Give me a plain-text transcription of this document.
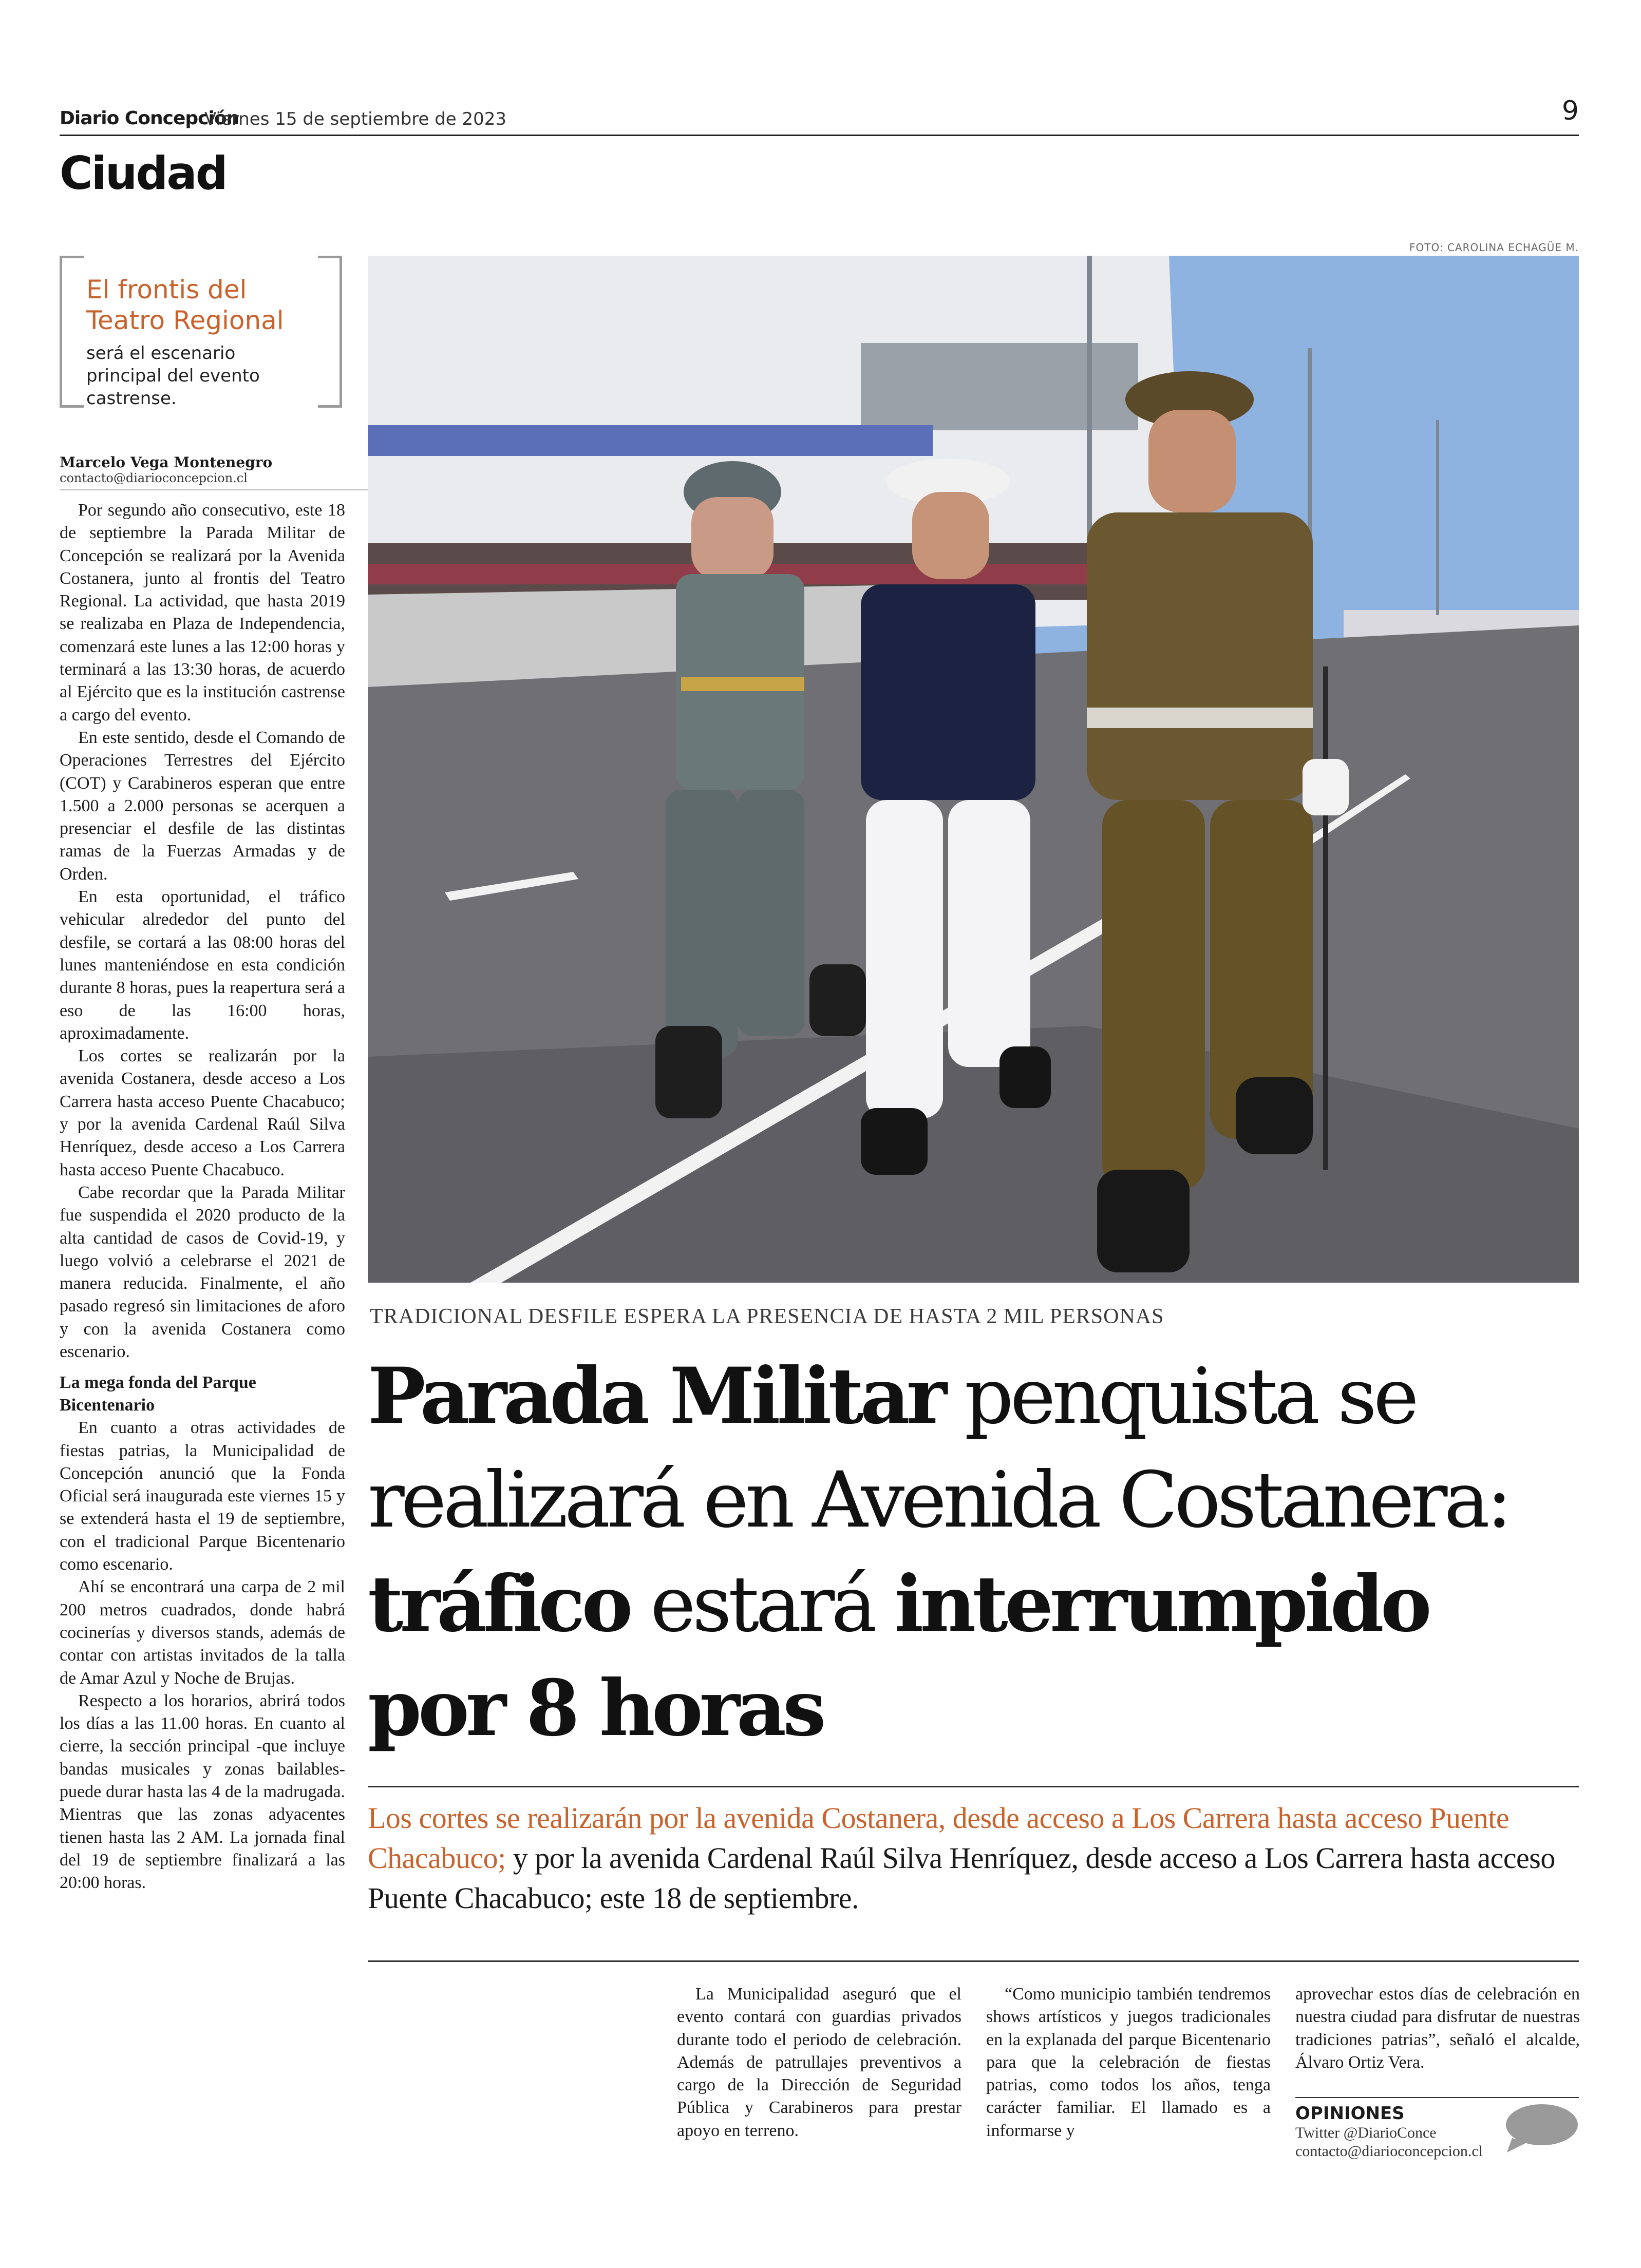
Diario Concepción
Viernes 15 de septiembre de 2023	9
Ciudad
El frontis del Teatro Regional
será el escenario principal del evento castrense.
Marcelo Vega Montenegro
contacto@diarioconcepcion.cl

Por segundo año consecutivo, este 18 de septiembre la Parada Militar de Concepción se realizará por la Avenida Costanera, junto al frontis del Teatro Regional. La actividad, que hasta 2019 se realizaba en Plaza de Independencia, comenzará este lunes a las 12:00 horas y terminará a las 13:30 horas, de acuerdo al Ejército que es la institución castrense a cargo del evento.

En este sentido, desde el Comando de Operaciones Terrestres del Ejército (COT) y Carabineros esperan que entre 1.500 a 2.000 personas se acerquen a presenciar el desfile de las distintas ramas de la Fuerzas Armadas y de Orden.

En esta oportunidad, el tráfico vehicular alrededor del punto del desfile, se cortará a las 08:00 horas del lunes manteniéndose en esta condición durante 8 horas, pues la reapertura será a eso de las 16:00 horas, aproximadamente.

Los cortes se realizarán por la avenida Costanera, desde acceso a Los Carrera hasta acceso Puente Chacabuco; y por la avenida Cardenal Raúl Silva Henríquez, desde acceso a Los Carrera hasta acceso Puente Chacabuco.

Cabe recordar que la Parada Militar fue suspendida el 2020 producto de la alta cantidad de casos de Covid-19, y luego volvió a celebrarse el 2021 de manera reducida. Finalmente, el año pasado regresó sin limitaciones de aforo y con la avenida Costanera como escenario.

La mega fonda del Parque Bicentenario

En cuanto a otras actividades de fiestas patrias, la Municipalidad de Concepción anunció que la Fonda Oficial será inaugurada este viernes 15 y se extenderá hasta el 19 de septiembre, con el tradicional Parque Bicentenario como escenario.

Ahí se encontrará una carpa de 2 mil 200 metros cuadrados, donde habrá cocinerías y diversos stands, además de contar con artistas invitados de la talla de Amar Azul y Noche de Brujas.

Respecto a los horarios, abrirá todos los días a las 11.00 horas. En cuanto al cierre, la sección principal -que incluye bandas musicales y zonas bailables- puede durar hasta las 4 de la madrugada. Mientras que las zonas adyacentes tienen hasta las 2 AM. La jornada final del 19 de septiembre finalizará a las 20:00 horas.

FOTO: CAROLINA ECHAGÜE M.
TRADICIONAL DESFILE ESPERA LA PRESENCIA DE HASTA 2 MIL PERSONAS
Parada Militar penquista se realizará en Avenida Costanera: tráfico estará interrumpido por 8 horas
Los cortes se realizarán por la avenida Costanera, desde acceso a Los Carrera hasta acceso Puente Chacabuco; y por la avenida Cardenal Raúl Silva Henríquez, desde acceso a Los Carrera hasta acceso Puente Chacabuco; este 18 de septiembre.

La Municipalidad aseguró que el evento contará con guardias privados durante todo el periodo de celebración. Además de patrullajes preventivos a cargo de la Dirección de Seguridad Pública y Carabineros para prestar apoyo en terreno.

“Como municipio también tendremos shows artísticos y juegos tradicionales en la explanada del parque Bicentenario para que la celebración de fiestas patrias, como todos los años, tenga carácter familiar. El llamado es a informarse y

aprovechar estos días de celebración en nuestra ciudad para disfrutar de nuestras tradiciones patrias”, señaló el alcalde, Álvaro Ortiz Vera.

OPINIONES
Twitter @DiarioConce
contacto@diarioconcepcion.cl
